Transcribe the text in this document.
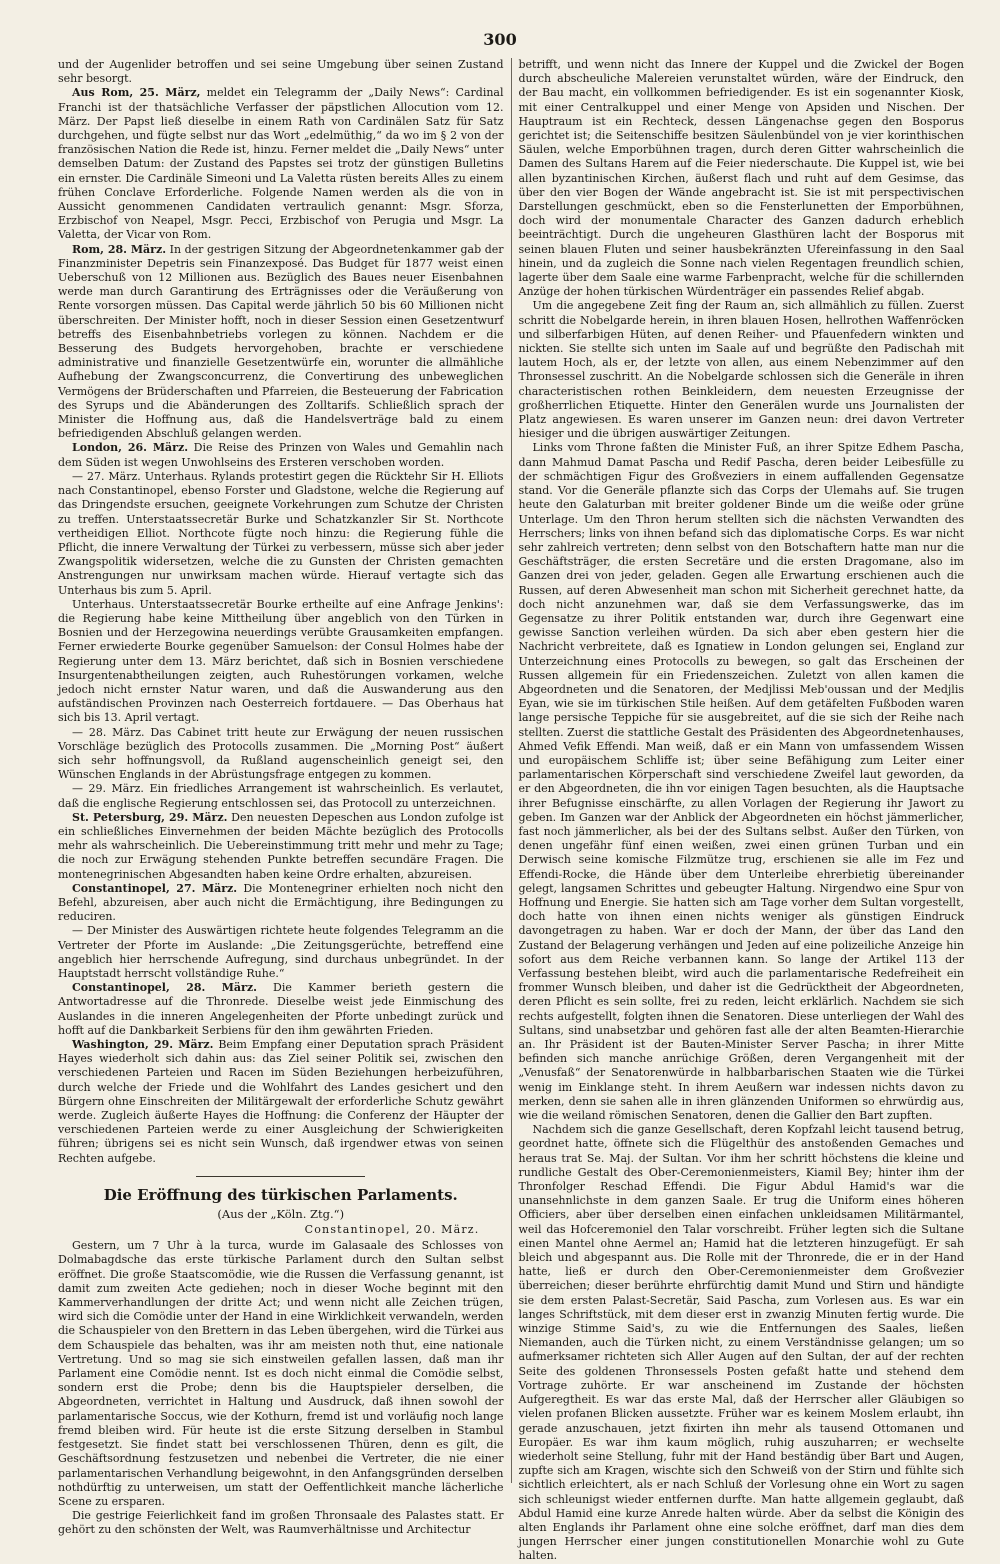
300

und der Augenlider betroffen und sei seine Umgebung über seinen Zustand sehr besorgt.

Aus Rom, 25. März, meldet ein Telegramm der „Daily News“: Cardinal Franchi ist der thatsächliche Verfasser der päpstlichen Allocution vom 12. März. Der Papst ließ dieselbe in einem Rath von Cardinälen Satz für Satz durchgehen, und fügte selbst nur das Wort „edelmüthig,“ da wo im § 2 von der französischen Nation die Rede ist, hinzu. Ferner meldet die „Daily News“ unter demselben Datum: der Zustand des Papstes sei trotz der günstigen Bulletins ein ernster. Die Cardinäle Simeoni und La Valetta rüsten bereits Alles zu einem frühen Conclave Erforderliche. Folgende Namen werden als die von in Aussicht genommenen Candidaten vertraulich genannt: Msgr. Sforza, Erzbischof von Neapel, Msgr. Pecci, Erzbischof von Perugia und Msgr. La Valetta, der Vicar von Rom.

Rom, 28. März. In der gestrigen Sitzung der Abgeordnetenkammer gab der Finanzminister Depetris sein Finanzexposé. Das Budget für 1877 weist einen Ueberschuß von 12 Millionen aus. Bezüglich des Baues neuer Eisenbahnen werde man durch Garantirung des Erträgnisses oder die Veräußerung von Rente vorsorgen müssen. Das Capital werde jährlich 50 bis 60 Millionen nicht überschreiten. Der Minister hofft, noch in dieser Session einen Gesetzentwurf betreffs des Eisenbahnbetriebs vorlegen zu können. Nachdem er die Besserung des Budgets hervorgehoben, brachte er verschiedene administrative und finanzielle Gesetzentwürfe ein, worunter die allmähliche Aufhebung der Zwangsconcurrenz, die Convertirung des unbeweglichen Vermögens der Brüderschaften und Pfarreien, die Besteuerung der Fabrication des Syrups und die Abänderungen des Zolltarifs. Schließlich sprach der Minister die Hoffnung aus, daß die Handelsverträge bald zu einem befriedigenden Abschluß gelangen werden.

London, 26. März. Die Reise des Prinzen von Wales und Gemahlin nach dem Süden ist wegen Unwohlseins des Ersteren verschoben worden.

— 27. März. Unterhaus. Rylands protestirt gegen die Rücktehr Sir H. Elliots nach Constantinopel, ebenso Forster und Gladstone, welche die Regierung auf das Dringendste ersuchen, geeignete Vorkehrungen zum Schutze der Christen zu treffen. Unterstaatssecretär Burke und Schatzkanzler Sir St. Northcote vertheidigen Elliot. Northcote fügte noch hinzu: die Regierung fühle die Pflicht, die innere Verwaltung der Türkei zu verbessern, müsse sich aber jeder Zwangspolitik widersetzen, welche die zu Gunsten der Christen gemachten Anstrengungen nur unwirksam machen würde. Hierauf vertagte sich das Unterhaus bis zum 5. April.

Unterhaus. Unterstaatssecretär Bourke ertheilte auf eine Anfrage Jenkins': die Regierung habe keine Mittheilung über angeblich von den Türken in Bosnien und der Herzegowina neuerdings verübte Grausamkeiten empfangen. Ferner erwiederte Bourke gegenüber Samuelson: der Consul Holmes habe der Regierung unter dem 13. März berichtet, daß sich in Bosnien verschiedene Insurgentenabtheilungen zeigten, auch Ruhestörungen vorkamen, welche jedoch nicht ernster Natur waren, und daß die Auswanderung aus den aufständischen Provinzen nach Oesterreich fortdauere. — Das Oberhaus hat sich bis 13. April vertagt.

— 28. März. Das Cabinet tritt heute zur Erwägung der neuen russischen Vorschläge bezüglich des Protocolls zusammen. Die „Morning Post“ äußert sich sehr hoffnungsvoll, da Rußland augenscheinlich geneigt sei, den Wünschen Englands in der Abrüstungsfrage entgegen zu kommen.

— 29. März. Ein friedliches Arrangement ist wahrscheinlich. Es verlautet, daß die englische Regierung entschlossen sei, das Protocoll zu unterzeichnen.

St. Petersburg, 29. März. Den neuesten Depeschen aus London zufolge ist ein schließliches Einvernehmen der beiden Mächte bezüglich des Protocolls mehr als wahrscheinlich. Die Uebereinstimmung tritt mehr und mehr zu Tage; die noch zur Erwägung stehenden Punkte betreffen secundäre Fragen. Die montenegrinischen Abgesandten haben keine Ordre erhalten, abzureisen.

Constantinopel, 27. März. Die Montenegriner erhielten noch nicht den Befehl, abzureisen, aber auch nicht die Ermächtigung, ihre Bedingungen zu reduciren.

— Der Minister des Auswärtigen richtete heute folgendes Telegramm an die Vertreter der Pforte im Auslande: „Die Zeitungsgerüchte, betreffend eine angeblich hier herrschende Aufregung, sind durchaus unbegründet. In der Hauptstadt herrscht vollständige Ruhe.“

Constantinopel, 28. März. Die Kammer berieth gestern die Antwortadresse auf die Thronrede. Dieselbe weist jede Einmischung des Auslandes in die inneren Angelegenheiten der Pforte unbedingt zurück und hofft auf die Dankbarkeit Serbiens für den ihm gewährten Frieden.

Washington, 29. März. Beim Empfang einer Deputation sprach Präsident Hayes wiederholt sich dahin aus: das Ziel seiner Politik sei, zwischen den verschiedenen Parteien und Racen im Süden Beziehungen herbeizuführen, durch welche der Friede und die Wohlfahrt des Landes gesichert und den Bürgern ohne Einschreiten der Militärgewalt der erforderliche Schutz gewährt werde. Zugleich äußerte Hayes die Hoffnung: die Conferenz der Häupter der verschiedenen Parteien werde zu einer Ausgleichung der Schwierigkeiten führen; übrigens sei es nicht sein Wunsch, daß irgendwer etwas von seinen Rechten aufgebe.

Die Eröffnung des türkischen Parlaments.
(Aus der „Köln. Ztg.“)
Constantinopel, 20. März.

Gestern, um 7 Uhr à la turca, wurde im Galasaale des Schlosses von Dolmabagdsche das erste türkische Parlament durch den Sultan selbst eröffnet. Die große Staatscomödie, wie die Russen die Verfassung genannt, ist damit zum zweiten Acte gediehen; noch in dieser Woche beginnt mit den Kammerverhandlungen der dritte Act; und wenn nicht alle Zeichen trügen, wird sich die Comödie unter der Hand in eine Wirklichkeit verwandeln, werden die Schauspieler von den Brettern in das Leben übergehen, wird die Türkei aus dem Schauspiele das behalten, was ihr am meisten noth thut, eine nationale Vertretung. Und so mag sie sich einstweilen gefallen lassen, daß man ihr Parlament eine Comödie nennt. Ist es doch nicht einmal die Comödie selbst, sondern erst die Probe; denn bis die Hauptspieler derselben, die Abgeordneten, verrichtet in Haltung und Ausdruck, daß ihnen sowohl der parlamentarische Soccus, wie der Kothurn, fremd ist und vorläufig noch lange fremd bleiben wird. Für heute ist die erste Sitzung derselben in Stambul festgesetzt. Sie findet statt bei verschlossenen Thüren, denn es gilt, die Geschäftsordnung festzusetzen und nebenbei die Vertreter, die nie einer parlamentarischen Verhandlung beigewohnt, in den Anfangsgründen derselben nothdürftig zu unterweisen, um statt der Oeffentlichkeit manche lächerliche Scene zu ersparen.

Die gestrige Feierlichkeit fand im großen Thronsaale des Palastes statt. Er gehört zu den schönsten der Welt, was Raumverhältnisse und Architectur

betrifft, und wenn nicht das Innere der Kuppel und die Zwickel der Bogen durch abscheuliche Malereien verunstaltet würden, wäre der Eindruck, den der Bau macht, ein vollkommen befriedigender. Es ist ein sogenannter Kiosk, mit einer Centralkuppel und einer Menge von Apsiden und Nischen. Der Hauptraum ist ein Rechteck, dessen Längenachse gegen den Bosporus gerichtet ist; die Seitenschiffe besitzen Säulenbündel von je vier korinthischen Säulen, welche Emporbühnen tragen, durch deren Gitter wahrscheinlich die Damen des Sultans Harem auf die Feier niederschaute. Die Kuppel ist, wie bei allen byzantinischen Kirchen, äußerst flach und ruht auf dem Gesimse, das über den vier Bogen der Wände angebracht ist. Sie ist mit perspectivischen Darstellungen geschmückt, eben so die Fensterlunetten der Emporbühnen, doch wird der monumentale Character des Ganzen dadurch erheblich beeinträchtigt. Durch die ungeheuren Glasthüren lacht der Bosporus mit seinen blauen Fluten und seiner hausbekränzten Ufereinfassung in den Saal hinein, und da zugleich die Sonne nach vielen Regentagen freundlich schien, lagerte über dem Saale eine warme Farbenpracht, welche für die schillernden Anzüge der hohen türkischen Würdenträger ein passendes Relief abgab.

Um die angegebene Zeit fing der Raum an, sich allmählich zu füllen. Zuerst schritt die Nobelgarde herein, in ihren blauen Hosen, hellrothen Waffenröcken und silberfarbigen Hüten, auf denen Reiher- und Pfauenfedern winkten und nickten. Sie stellte sich unten im Saale auf und begrüßte den Padischah mit lautem Hoch, als er, der letzte von allen, aus einem Nebenzimmer auf den Thronsessel zuschritt. An die Nobelgarde schlossen sich die Generäle in ihren characteristischen rothen Beinkleidern, dem neuesten Erzeugnisse der großherrlichen Etiquette. Hinter den Generälen wurde uns Journalisten der Platz angewiesen. Es waren unserer im Ganzen neun: drei davon Vertreter hiesiger und die übrigen auswärtiger Zeitungen.

Links vom Throne faßten die Minister Fuß, an ihrer Spitze Edhem Pascha, dann Mahmud Damat Pascha und Redif Pascha, deren beider Leibesfülle zu der schmächtigen Figur des Großveziers in einem auffallenden Gegensatze stand. Vor die Generäle pflanzte sich das Corps der Ulemahs auf. Sie trugen heute den Galaturban mit breiter goldener Binde um die weiße oder grüne Unterlage. Um den Thron herum stellten sich die nächsten Verwandten des Herrschers; links von ihnen befand sich das diplomatische Corps. Es war nicht sehr zahlreich vertreten; denn selbst von den Botschaftern hatte man nur die Geschäftsträger, die ersten Secretäre und die ersten Dragomane, also im Ganzen drei von jeder, geladen. Gegen alle Erwartung erschienen auch die Russen, auf deren Abwesenheit man schon mit Sicherheit gerechnet hatte, da doch nicht anzunehmen war, daß sie dem Verfassungswerke, das im Gegensatze zu ihrer Politik entstanden war, durch ihre Gegenwart eine gewisse Sanction verleihen würden. Da sich aber eben gestern hier die Nachricht verbreitete, daß es Ignatiew in London gelungen sei, England zur Unterzeichnung eines Protocolls zu bewegen, so galt das Erscheinen der Russen allgemein für ein Friedenszeichen. Zuletzt von allen kamen die Abgeordneten und die Senatoren, der Medjlissi Meb'oussan und der Medjlis Eyan, wie sie im türkischen Stile heißen. Auf dem getäfelten Fußboden waren lange persische Teppiche für sie ausgebreitet, auf die sie sich der Reihe nach stellten. Zuerst die stattliche Gestalt des Präsidenten des Abgeordnetenhauses, Ahmed Vefik Effendi. Man weiß, daß er ein Mann von umfassendem Wissen und europäischem Schliffe ist; über seine Befähigung zum Leiter einer parlamentarischen Körperschaft sind verschiedene Zweifel laut geworden, da er den Abgeordneten, die ihn vor einigen Tagen besuchten, als die Hauptsache ihrer Befugnisse einschärfte, zu allen Vorlagen der Regierung ihr Jawort zu geben. Im Ganzen war der Anblick der Abgeordneten ein höchst jämmerlicher, fast noch jämmerlicher, als bei der des Sultans selbst. Außer den Türken, von denen ungefähr fünf einen weißen, zwei einen grünen Turban und ein Derwisch seine komische Filzmütze trug, erschienen sie alle im Fez und Effendi-Rocke, die Hände über dem Unterleibe ehrerbietig übereinander gelegt, langsamen Schrittes und gebeugter Haltung. Nirgendwo eine Spur von Hoffnung und Energie. Sie hatten sich am Tage vorher dem Sultan vorgestellt, doch hatte von ihnen einen nichts weniger als günstigen Eindruck davongetragen zu haben. War er doch der Mann, der über das Land den Zustand der Belagerung verhängen und Jeden auf eine polizeiliche Anzeige hin sofort aus dem Reiche verbannen kann. So lange der Artikel 113 der Verfassung bestehen bleibt, wird auch die parlamentarische Redefreiheit ein frommer Wunsch bleiben, und daher ist die Gedrücktheit der Abgeordneten, deren Pflicht es sein sollte, frei zu reden, leicht erklärlich. Nachdem sie sich rechts aufgestellt, folgten ihnen die Senatoren. Diese unterliegen der Wahl des Sultans, sind unabsetzbar und gehören fast alle der alten Beamten-Hierarchie an. Ihr Präsident ist der Bauten-Minister Server Pascha; in ihrer Mitte befinden sich manche anrüchige Größen, deren Vergangenheit mit der „Venusfaß“ der Senatorenwürde in halbbarbarischen Staaten wie die Türkei wenig im Einklange steht. In ihrem Aeußern war indessen nichts davon zu merken, denn sie sahen alle in ihren glänzenden Uniformen so ehrwürdig aus, wie die weiland römischen Senatoren, denen die Gallier den Bart zupften.

Nachdem sich die ganze Gesellschaft, deren Kopfzahl leicht tausend betrug, geordnet hatte, öffnete sich die Flügelthür des anstoßenden Gemaches und heraus trat Se. Maj. der Sultan. Vor ihm her schritt höchstens die kleine und rundliche Gestalt des Ober-Ceremonienmeisters, Kiamil Bey; hinter ihm der Thronfolger Reschad Effendi. Die Figur Abdul Hamid's war die unansehnlichste in dem ganzen Saale. Er trug die Uniform eines höheren Officiers, aber über derselben einen einfachen unkleidsamen Militärmantel, weil das Hofceremoniel den Talar vorschreibt. Früher legten sich die Sultane einen Mantel ohne Aermel an; Hamid hat die letzteren hinzugefügt. Er sah bleich und abgespannt aus. Die Rolle mit der Thronrede, die er in der Hand hatte, ließ er durch den Ober-Ceremonienmeister dem Großvezier überreichen; dieser berührte ehrfürchtig damit Mund und Stirn und händigte sie dem ersten Palast-Secretär, Said Pascha, zum Vorlesen aus. Es war ein langes Schriftstück, mit dem dieser erst in zwanzig Minuten fertig wurde. Die winzige Stimme Said's, zu wie die Entfernungen des Saales, ließen Niemanden, auch die Türken nicht, zu einem Verständnisse gelangen; um so aufmerksamer richteten sich Aller Augen auf den Sultan, der auf der rechten Seite des goldenen Thronsessels Posten gefaßt hatte und stehend dem Vortrage zuhörte. Er war anscheinend im Zustande der höchsten Aufgeregtheit. Es war das erste Mal, daß der Herrscher aller Gläubigen so vielen profanen Blicken aussetzte. Früher war es keinem Moslem erlaubt, ihn gerade anzuschauen, jetzt fixirten ihn mehr als tausend Ottomanen und Europäer. Es war ihm kaum möglich, ruhig auszuharren; er wechselte wiederholt seine Stellung, fuhr mit der Hand beständig über Bart und Augen, zupfte sich am Kragen, wischte sich den Schweiß von der Stirn und fühlte sich sichtlich erleichtert, als er nach Schluß der Vorlesung ohne ein Wort zu sagen sich schleunigst wieder entfernen durfte. Man hatte allgemein geglaubt, daß Abdul Hamid eine kurze Anrede halten würde. Aber da selbst die Königin des alten Englands ihr Parlament ohne eine solche eröffnet, darf man dies dem jungen Herrscher einer jungen constitutionellen Monarchie wohl zu Gute halten.
